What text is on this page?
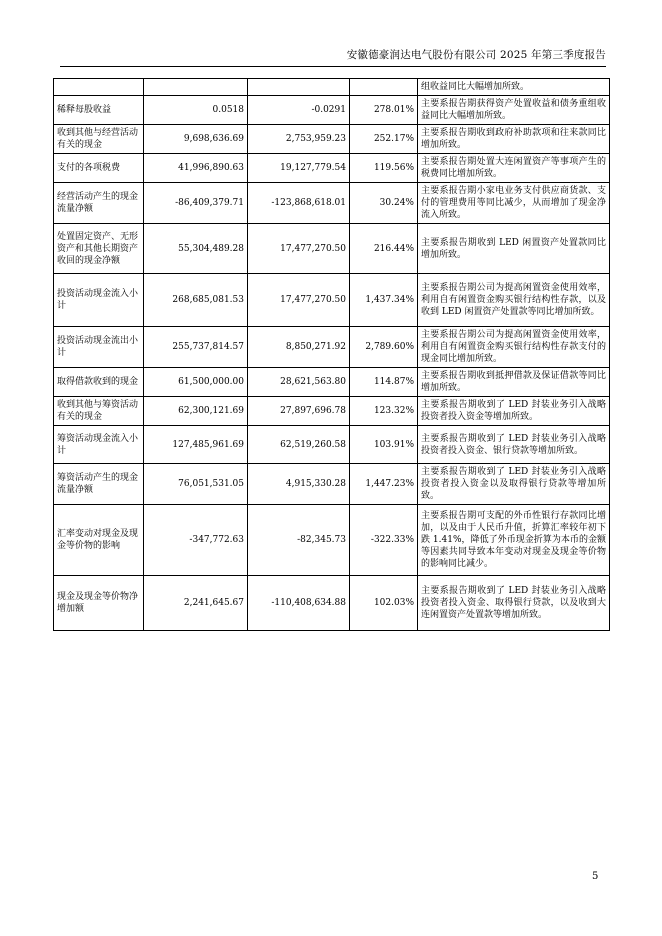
安徽德豪润达电气股份有限公司 2025 年第三季度报告
				组收益同比大幅增加所致。
稀释每股收益	0.0518	-0.0291	278.01%	主要系报告期获得资产处置收益和债务重组收益同比大幅增加所致。
收到其他与经营活动有关的现金	9,698,636.69	2,753,959.23	252.17%	主要系报告期收到政府补助款项和往来款同比增加所致。
支付的各项税费	41,996,890.63	19,127,779.54	119.56%	主要系报告期处置大连闲置资产等事项产生的税费同比增加所致。
经营活动产生的现金流量净额	-86,409,379.71	-123,868,618.01	30.24%	主要系报告期小家电业务支付供应商货款、支付的管理费用等同比减少，从而增加了现金净流入所致。
处置固定资产、无形资产和其他长期资产收回的现金净额	55,304,489.28	17,477,270.50	216.44%	主要系报告期收到 LED 闲置资产处置款同比增加所致。
投资活动现金流入小计	268,685,081.53	17,477,270.50	1,437.34%	主要系报告期公司为提高闲置资金使用效率，利用自有闲置资金购买银行结构性存款，以及收到 LED 闲置资产处置款等同比增加所致。
投资活动现金流出小计	255,737,814.57	8,850,271.92	2,789.60%	主要系报告期公司为提高闲置资金使用效率，利用自有闲置资金购买银行结构性存款支付的现金同比增加所致。
取得借款收到的现金	61,500,000.00	28,621,563.80	114.87%	主要系报告期收到抵押借款及保证借款等同比增加所致。
收到其他与筹资活动有关的现金	62,300,121.69	27,897,696.78	123.32%	主要系报告期收到了 LED 封装业务引入战略投资者投入资金等增加所致。
筹资活动现金流入小计	127,485,961.69	62,519,260.58	103.91%	主要系报告期收到了 LED 封装业务引入战略投资者投入资金、银行贷款等增加所致。
筹资活动产生的现金流量净额	76,051,531.05	4,915,330.28	1,447.23%	主要系报告期收到了 LED 封装业务引入战略投资者投入资金以及取得银行贷款等增加所致。
汇率变动对现金及现金等价物的影响	-347,772.63	-82,345.73	-322.33%	主要系报告期可支配的外币性银行存款同比增加，以及由于人民币升值，折算汇率较年初下跌 1.41%，降低了外币现金折算为本币的金额等因素共同导致本年变动对现金及现金等价物的影响同比减少。
现金及现金等价物净增加额	2,241,645.67	-110,408,634.88	102.03%	主要系报告期收到了 LED 封装业务引入战略投资者投入资金、取得银行贷款，以及收到大连闲置资产处置款等增加所致。
5
